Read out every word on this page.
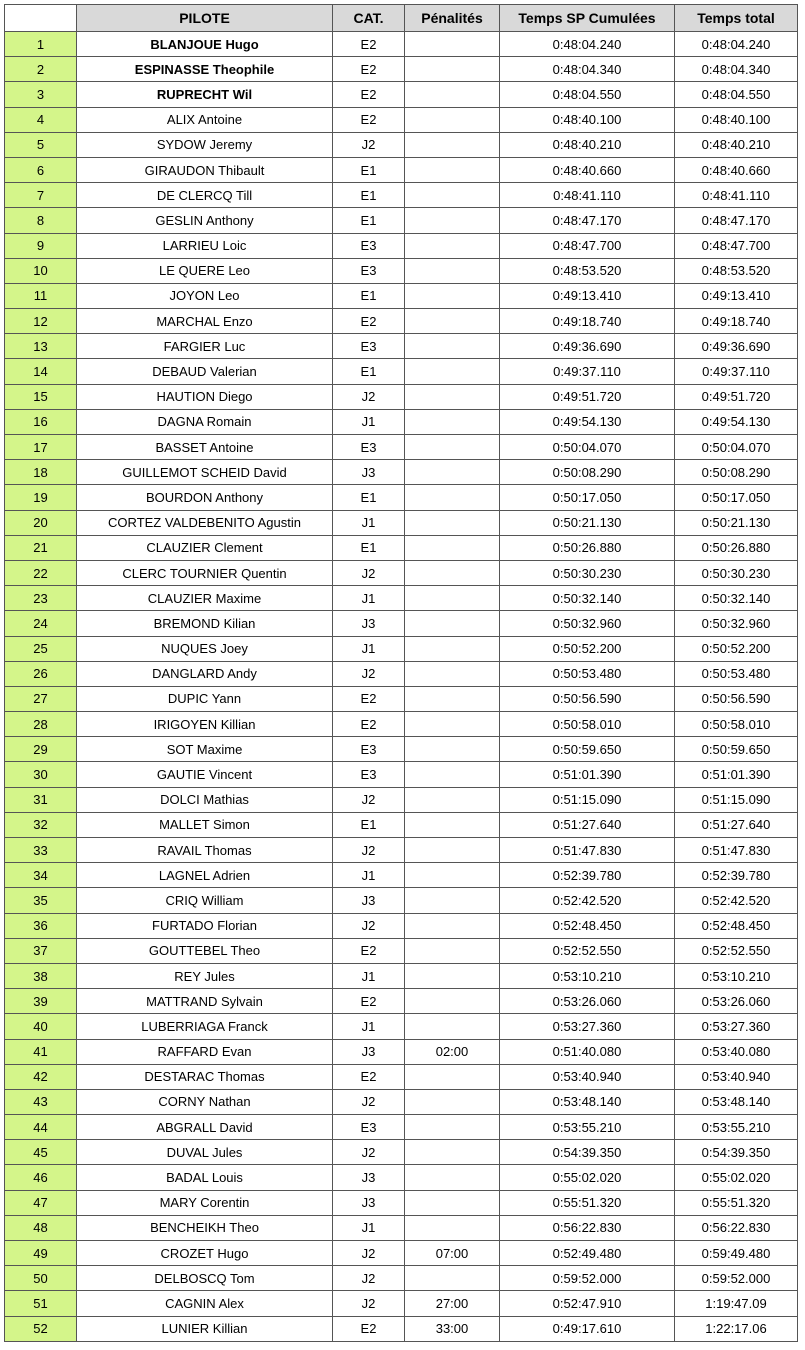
	PILOTE	CAT.	Pénalités	Temps SP Cumulées	Temps total
1	BLANJOUE Hugo	E2		0:48:04.240	0:48:04.240
2	ESPINASSE Theophile	E2		0:48:04.340	0:48:04.340
3	RUPRECHT Wil	E2		0:48:04.550	0:48:04.550
4	ALIX Antoine	E2		0:48:40.100	0:48:40.100
5	SYDOW Jeremy	J2		0:48:40.210	0:48:40.210
6	GIRAUDON Thibault	E1		0:48:40.660	0:48:40.660
7	DE CLERCQ Till	E1		0:48:41.110	0:48:41.110
8	GESLIN Anthony	E1		0:48:47.170	0:48:47.170
9	LARRIEU Loic	E3		0:48:47.700	0:48:47.700
10	LE QUERE Leo	E3		0:48:53.520	0:48:53.520
11	JOYON Leo	E1		0:49:13.410	0:49:13.410
12	MARCHAL Enzo	E2		0:49:18.740	0:49:18.740
13	FARGIER Luc	E3		0:49:36.690	0:49:36.690
14	DEBAUD Valerian	E1		0:49:37.110	0:49:37.110
15	HAUTION Diego	J2		0:49:51.720	0:49:51.720
16	DAGNA Romain	J1		0:49:54.130	0:49:54.130
17	BASSET Antoine	E3		0:50:04.070	0:50:04.070
18	GUILLEMOT SCHEID David	J3		0:50:08.290	0:50:08.290
19	BOURDON Anthony	E1		0:50:17.050	0:50:17.050
20	CORTEZ VALDEBENITO Agustin	J1		0:50:21.130	0:50:21.130
21	CLAUZIER Clement	E1		0:50:26.880	0:50:26.880
22	CLERC TOURNIER Quentin	J2		0:50:30.230	0:50:30.230
23	CLAUZIER Maxime	J1		0:50:32.140	0:50:32.140
24	BREMOND Kilian	J3		0:50:32.960	0:50:32.960
25	NUQUES Joey	J1		0:50:52.200	0:50:52.200
26	DANGLARD Andy	J2		0:50:53.480	0:50:53.480
27	DUPIC Yann	E2		0:50:56.590	0:50:56.590
28	IRIGOYEN Killian	E2		0:50:58.010	0:50:58.010
29	SOT Maxime	E3		0:50:59.650	0:50:59.650
30	GAUTIE Vincent	E3		0:51:01.390	0:51:01.390
31	DOLCI Mathias	J2		0:51:15.090	0:51:15.090
32	MALLET Simon	E1		0:51:27.640	0:51:27.640
33	RAVAIL Thomas	J2		0:51:47.830	0:51:47.830
34	LAGNEL Adrien	J1		0:52:39.780	0:52:39.780
35	CRIQ William	J3		0:52:42.520	0:52:42.520
36	FURTADO Florian	J2		0:52:48.450	0:52:48.450
37	GOUTTEBEL Theo	E2		0:52:52.550	0:52:52.550
38	REY Jules	J1		0:53:10.210	0:53:10.210
39	MATTRAND Sylvain	E2		0:53:26.060	0:53:26.060
40	LUBERRIAGA Franck	J1		0:53:27.360	0:53:27.360
41	RAFFARD Evan	J3	02:00	0:51:40.080	0:53:40.080
42	DESTARAC Thomas	E2		0:53:40.940	0:53:40.940
43	CORNY Nathan	J2		0:53:48.140	0:53:48.140
44	ABGRALL David	E3		0:53:55.210	0:53:55.210
45	DUVAL Jules	J2		0:54:39.350	0:54:39.350
46	BADAL Louis	J3		0:55:02.020	0:55:02.020
47	MARY Corentin	J3		0:55:51.320	0:55:51.320
48	BENCHEIKH Theo	J1		0:56:22.830	0:56:22.830
49	CROZET Hugo	J2	07:00	0:52:49.480	0:59:49.480
50	DELBOSCQ Tom	J2		0:59:52.000	0:59:52.000
51	CAGNIN Alex	J2	27:00	0:52:47.910	1:19:47.09
52	LUNIER Killian	E2	33:00	0:49:17.610	1:22:17.06
